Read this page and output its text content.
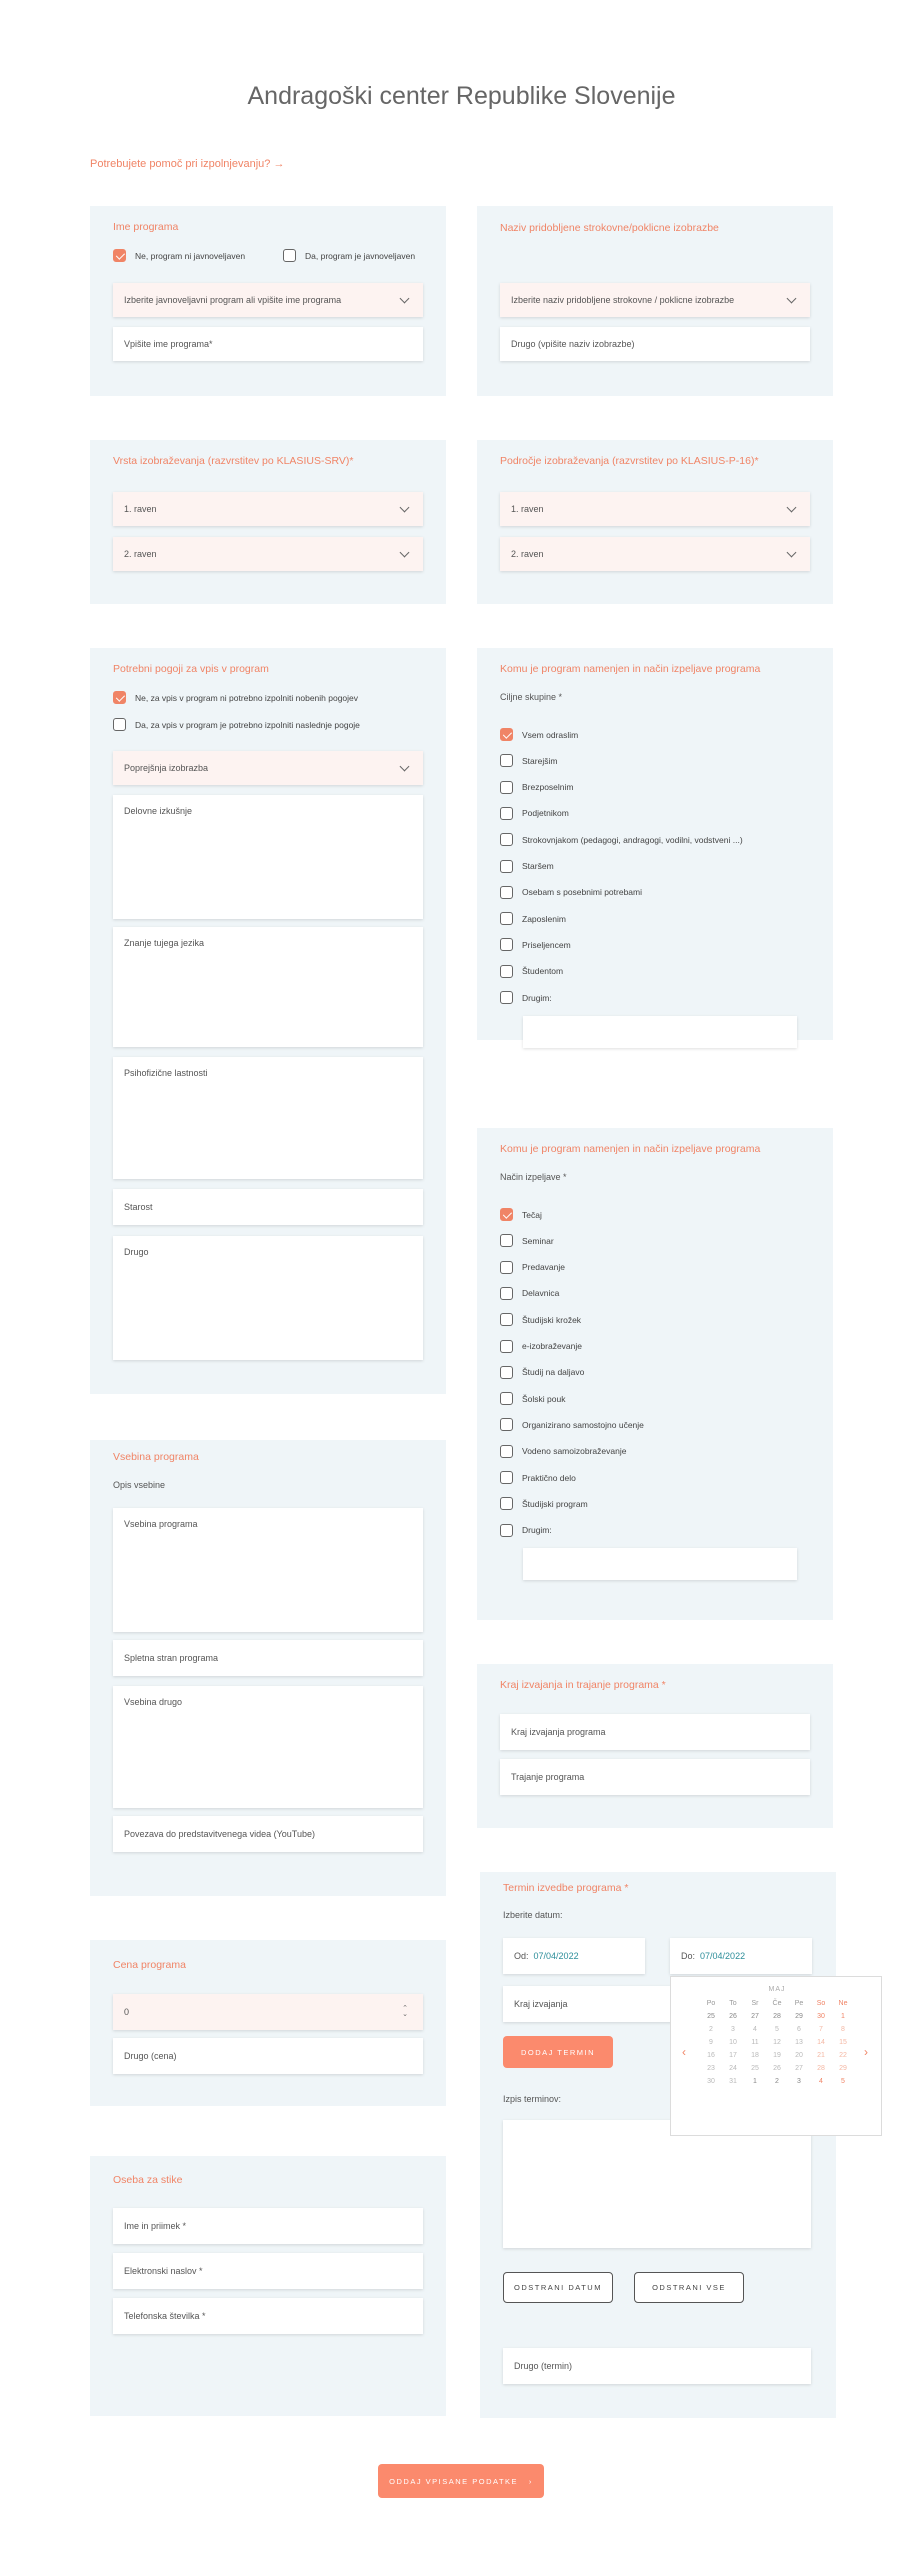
Andragoški center Republike Slovenije
Potrebujete pomoč pri izpolnjevanju? →
Ime programa
Ne, program ni javnoveljaven	Da, program je javnoveljaven
Izberite javnoveljavni program ali vpišite ime programa
Vpišite ime programa*
Naziv pridobljene strokovne/poklicne izobrazbe
Izberite naziv pridobljene strokovne / poklicne izobrazbe
Drugo (vpišite naziv izobrazbe)
Vrsta izobraževanja (razvrstitev po KLASIUS-SRV)*
1. raven
2. raven
Področje izobraževanja (razvrstitev po KLASIUS-P-16)*
1. raven
2. raven
Potrebni pogoji za vpis v program
Ne, za vpis v program ni potrebno izpolniti nobenih pogojev
Da, za vpis v program je potrebno izpolniti naslednje pogoje
Poprejšnja izobrazba
Delovne izkušnje
Znanje tujega jezika
Psihofizične lastnosti
Starost
Drugo
Komu je program namenjen in način izpeljave programa
Ciljne skupine *
Vsem odraslim
Starejšim
Brezposelnim
Podjetnikom
Strokovnjakom (pedagogi, andragogi, vodilni, vodstveni ...)
Staršem
Osebam s posebnimi potrebami
Zaposlenim
Priseljencem
Študentom
Drugim:
Komu je program namenjen in način izpeljave programa
Način izpeljave *
Tečaj
Seminar
Predavanje
Delavnica
Študijski krožek
e-izobraževanje
Študij na daljavo
Šolski pouk
Organizirano samostojno učenje
Vodeno samoizobraževanje
Praktično delo
Študijski program
Drugim:
Vsebina programa
Opis vsebine
Vsebina programa
Spletna stran programa
Vsebina drugo
Povezava do predstavitvenega videa (YouTube)
Kraj izvajanja in trajanje programa *
Kraj izvajanja programa
Trajanje programa
Termin izvedbe programa *
Izberite datum:
Od:
07/04/2022	Do:
07/04/2022
Kraj izvajanja
DODAJ TERMIN
Izpis terminov:
ODSTRANI DATUM	ODSTRANI VSE
Drugo (termin)
MAJ
‹	›
Po	To	Sr	Če	Pe	So	Ne
25	26	27	28	29	30	1
2	3	4	5	6	7	8
9	10	11	12	13	14	15
16	17	18	19	20	21	22
23	24	25	26	27	28	29
30	31	1	2	3	4	5
Cena programa
0	⌃
⌄
Drugo (cena)
Oseba za stike
Ime in priimek *
Elektronski naslov *
Telefonska številka *
ODDAJ VPISANE PODATKE
›
